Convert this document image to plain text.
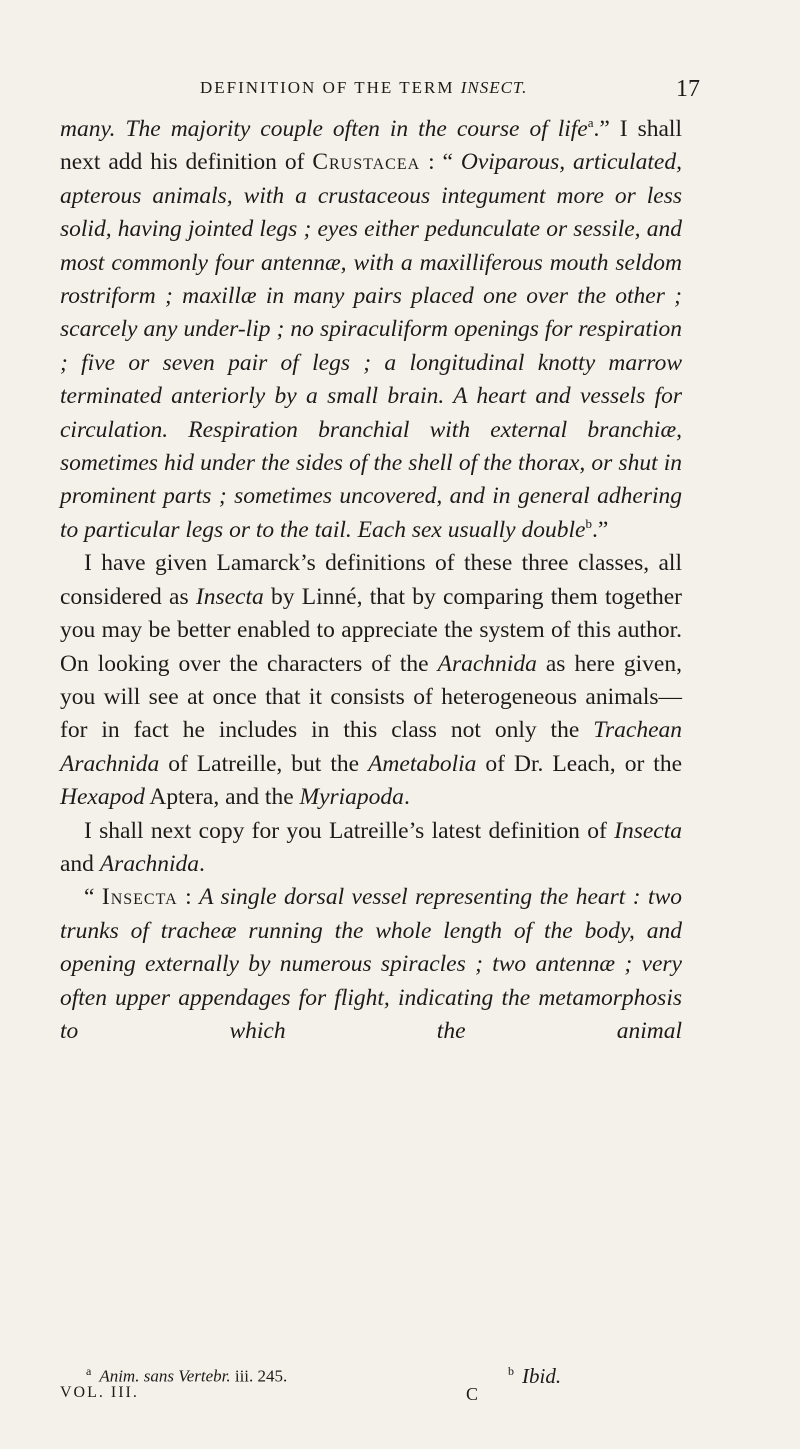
DEFINITION OF THE TERM INSECT.	17

many. The majority couple often in the course of life$^a$.” I shall next add his definition of Crustacea : “ Oviparous, articulated, apterous animals, with a crustaceous integument more or less solid, having jointed legs ; eyes either pedunculate or sessile, and most commonly four antennæ, with a maxilliferous mouth seldom rostriform ; maxillæ in many pairs placed one over the other ; scarcely any under-lip ; no spiraculiform openings for respiration ; five or seven pair of legs ; a longitudinal knotty marrow terminated anteriorly by a small brain. A heart and vessels for circulation. Respiration branchial with external branchiæ, sometimes hid under the sides of the shell of the thorax, or shut in prominent parts ; sometimes uncovered, and in general adhering to particular legs or to the tail. Each sex usually double$^b$.”

I have given Lamarck’s definitions of these three classes, all considered as Insecta by Linné, that by comparing them together you may be better enabled to appreciate the system of this author. On looking over the characters of the Arachnida as here given, you will see at once that it consists of heterogeneous animals—for in fact he includes in this class not only the Trachean Arachnida of Latreille, but the Ametabolia of Dr. Leach, or the Hexapod Aptera, and the Myriapoda.

I shall next copy for you Latreille’s latest definition of Insecta and Arachnida.

“ Insecta : A single dorsal vessel representing the heart : two trunks of tracheæ running the whole length of the body, and opening externally by numerous spiracles ; two antennæ ; very often upper appendages for flight, indicating the metamorphosis to which the animal

$^a$ Anim. sans Vertebr. iii. 245.	$^b$ Ibid.
VOL. III.	C
